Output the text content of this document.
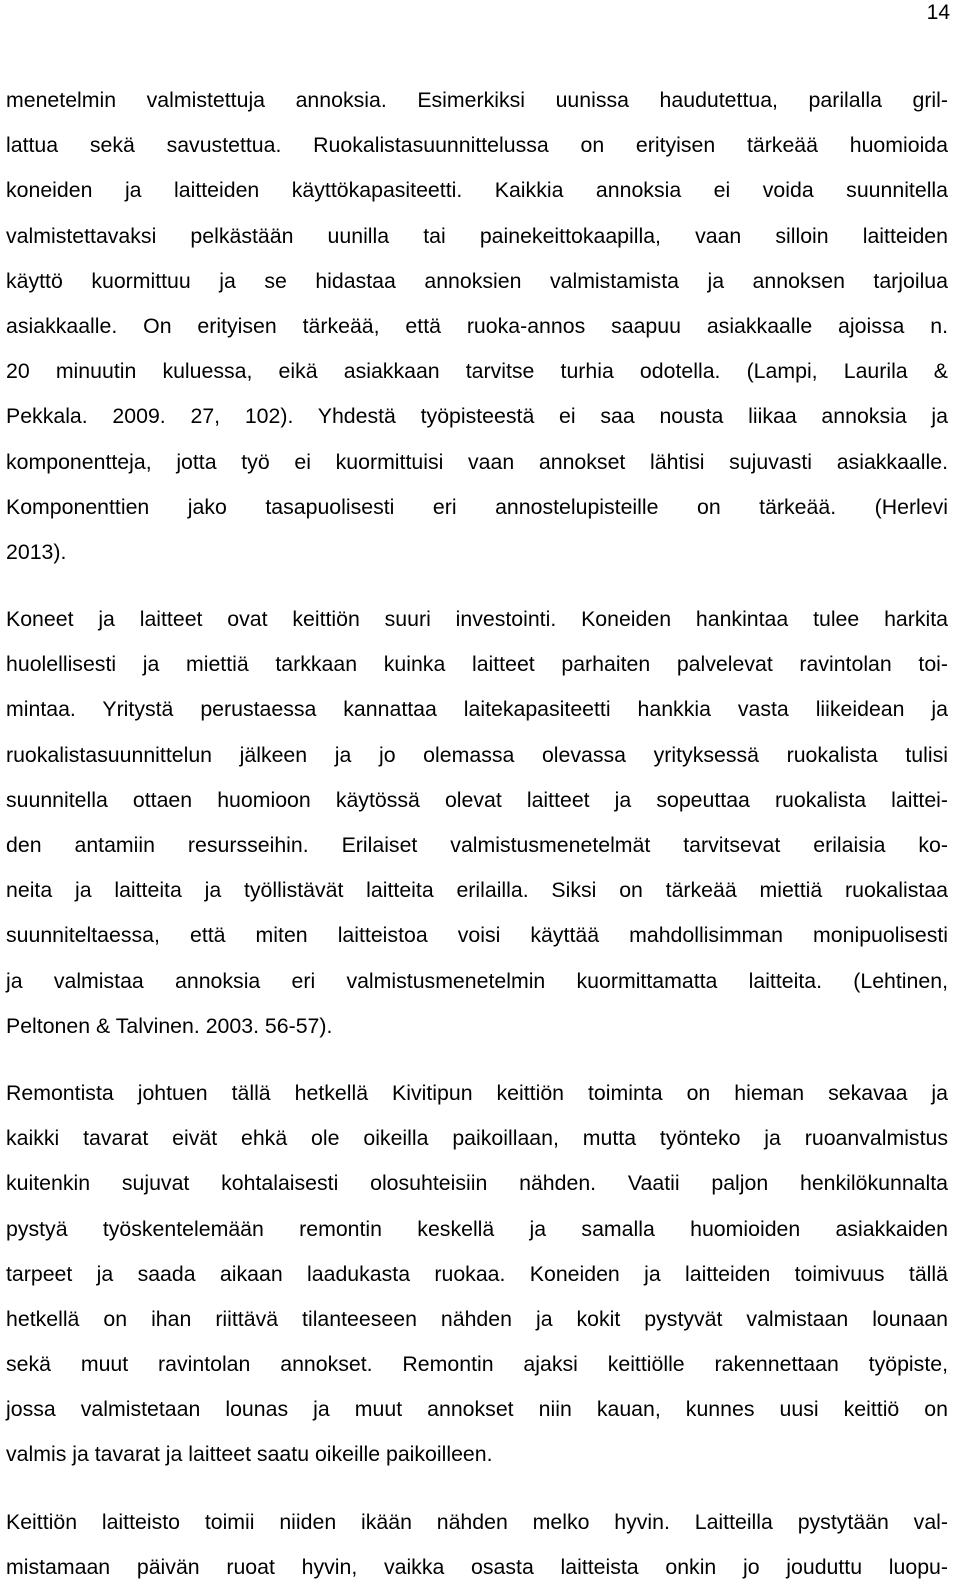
14

menetelmin valmistettuja annoksia. Esimerkiksi uunissa haudutettua, parilalla gril-
lattua sekä savustettua. Ruokalistasuunnittelussa on erityisen tärkeää huomioida
koneiden ja laitteiden käyttökapasiteetti. Kaikkia annoksia ei voida suunnitella
valmistettavaksi pelkästään uunilla tai painekeittokaapilla, vaan silloin laitteiden
käyttö kuormittuu ja se hidastaa annoksien valmistamista ja annoksen tarjoilua
asiakkaalle. On erityisen tärkeää, että ruoka-annos saapuu asiakkaalle ajoissa n.
20 minuutin kuluessa, eikä asiakkaan tarvitse turhia odotella. (Lampi, Laurila &
Pekkala. 2009. 27, 102). Yhdestä työpisteestä ei saa nousta liikaa annoksia ja
komponentteja, jotta työ ei kuormittuisi vaan annokset lähtisi sujuvasti asiakkaalle.
Komponenttien jako tasapuolisesti eri annostelupisteille on tärkeää. (Herlevi
2013).
Koneet ja laitteet ovat keittiön suuri investointi. Koneiden hankintaa tulee harkita
huolellisesti ja miettiä tarkkaan kuinka laitteet parhaiten palvelevat ravintolan toi-
mintaa. Yritystä perustaessa kannattaa laitekapasiteetti hankkia vasta liikeidean ja
ruokalistasuunnittelun jälkeen ja jo olemassa olevassa yrityksessä ruokalista tulisi
suunnitella ottaen huomioon käytössä olevat laitteet ja sopeuttaa ruokalista laittei-
den antamiin resursseihin. Erilaiset valmistusmenetelmät tarvitsevat erilaisia ko-
neita ja laitteita ja työllistävät laitteita erilailla. Siksi on tärkeää miettiä ruokalistaa
suunniteltaessa, että miten laitteistoa voisi käyttää mahdollisimman monipuolisesti
ja valmistaa annoksia eri valmistusmenetelmin kuormittamatta laitteita. (Lehtinen,
Peltonen & Talvinen. 2003. 56-57).
Remontista johtuen tällä hetkellä Kivitipun keittiön toiminta on hieman sekavaa ja
kaikki tavarat eivät ehkä ole oikeilla paikoillaan, mutta työnteko ja ruoanvalmistus
kuitenkin sujuvat kohtalaisesti olosuhteisiin nähden. Vaatii paljon henkilökunnalta
pystyä työskentelemään remontin keskellä ja samalla huomioiden asiakkaiden
tarpeet ja saada aikaan laadukasta ruokaa. Koneiden ja laitteiden toimivuus tällä
hetkellä on ihan riittävä tilanteeseen nähden ja kokit pystyvät valmistaan lounaan
sekä muut ravintolan annokset. Remontin ajaksi keittiölle rakennettaan työpiste,
jossa valmistetaan lounas ja muut annokset niin kauan, kunnes uusi keittiö on
valmis ja tavarat ja laitteet saatu oikeille paikoilleen.
Keittiön laitteisto toimii niiden ikään nähden melko hyvin. Laitteilla pystytään val-
mistamaan päivän ruoat hyvin, vaikka osasta laitteista onkin jo jouduttu luopu-
